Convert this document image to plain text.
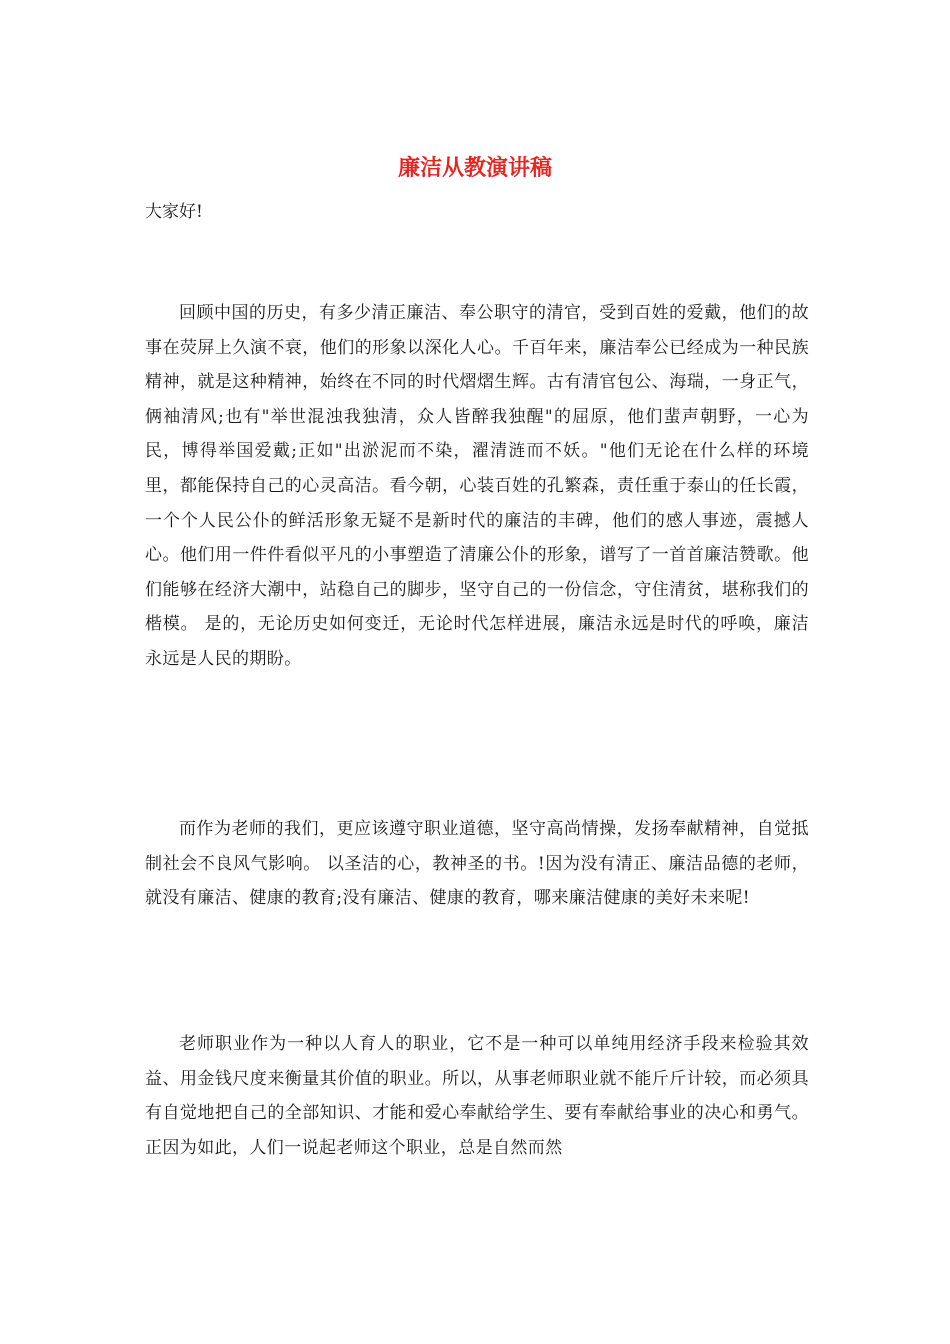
廉洁从教演讲稿
大家好!

回顾中国的历史，有多少清正廉洁、奉公职守的清官，受到百姓的爱戴，他们的故事在荧屏上久演不衰，他们的形象以深化人心。千百年来，廉洁奉公已经成为一种民族精神，就是这种精神，始终在不同的时代熠熠生辉。古有清官包公、海瑞，一身正气，俩袖清风;也有"举世混浊我独清，众人皆醉我独醒"的屈原，他们蜚声朝野，一心为民，博得举国爱戴;正如"出淤泥而不染，濯清涟而不妖。"他们无论在什么样的环境里，都能保持自己的心灵高洁。看今朝，心装百姓的孔繁森，责任重于泰山的任长霞，一个个人民公仆的鲜活形象无疑不是新时代的廉洁的丰碑，他们的感人事迹，震撼人心。他们用一件件看似平凡的小事塑造了清廉公仆的形象，谱写了一首首廉洁赞歌。他们能够在经济大潮中，站稳自己的脚步，坚守自己的一份信念，守住清贫，堪称我们的楷模。 是的，无论历史如何变迁，无论时代怎样进展，廉洁永远是时代的呼唤，廉洁永远是人民的期盼。

而作为老师的我们，更应该遵守职业道德，坚守高尚情操，发扬奉献精神，自觉抵制社会不良风气影响。 以圣洁的心，教神圣的书。!因为没有清正、廉洁品德的老师，就没有廉洁、健康的教育;没有廉洁、健康的教育，哪来廉洁健康的美好未来呢!

老师职业作为一种以人育人的职业，它不是一种可以单纯用经济手段来检验其效益、用金钱尺度来衡量其价值的职业。所以，从事老师职业就不能斤斤计较，而必须具有自觉地把自己的全部知识、才能和爱心奉献给学生、要有奉献给事业的决心和勇气。正因为如此，人们一说起老师这个职业，总是自然而然
